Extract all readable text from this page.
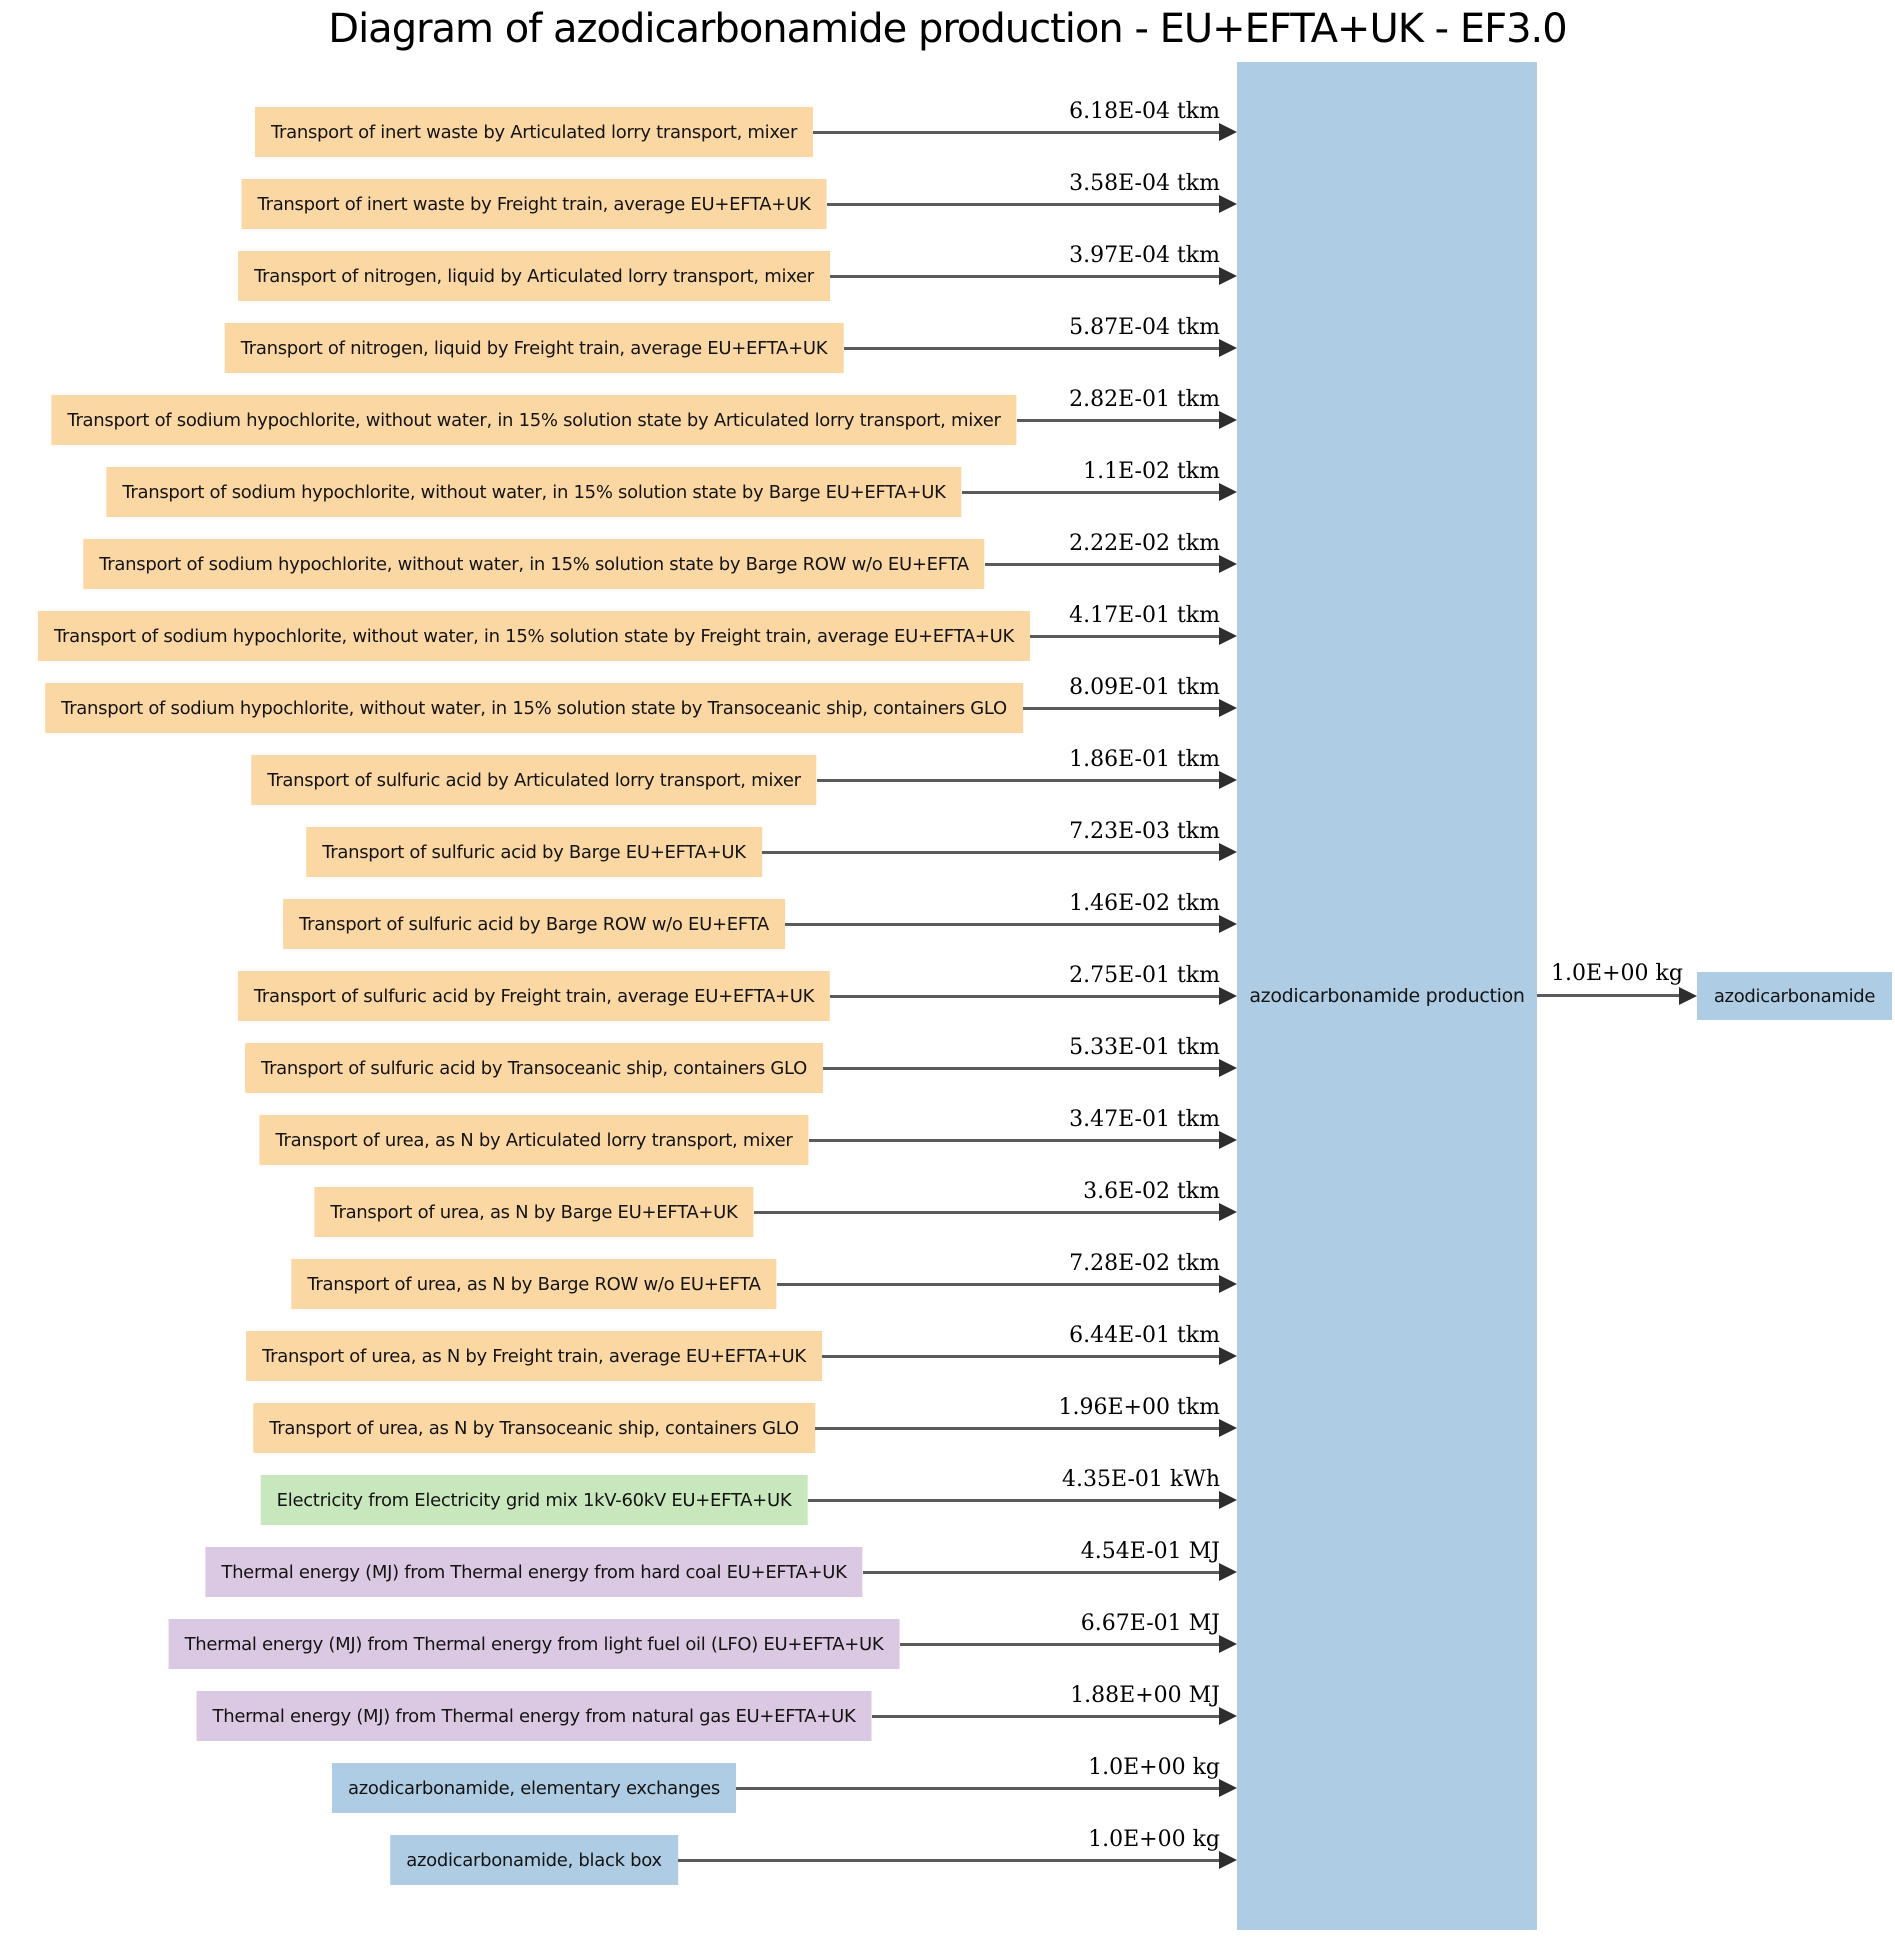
Diagram of azodicarbonamide production - EU+EFTA+UK - EF3.0
Transport of inert waste by Articulated lorry transport, mixer
6.18E-04 tkm
Transport of inert waste by Freight train, average EU+EFTA+UK
3.58E-04 tkm
Transport of nitrogen, liquid by Articulated lorry transport, mixer
3.97E-04 tkm
Transport of nitrogen, liquid by Freight train, average EU+EFTA+UK
5.87E-04 tkm
Transport of sodium hypochlorite, without water, in 15% solution state by Articulated lorry transport, mixer
2.82E-01 tkm
Transport of sodium hypochlorite, without water, in 15% solution state by Barge EU+EFTA+UK
1.1E-02 tkm
Transport of sodium hypochlorite, without water, in 15% solution state by Barge ROW w/o EU+EFTA
2.22E-02 tkm
Transport of sodium hypochlorite, without water, in 15% solution state by Freight train, average EU+EFTA+UK
4.17E-01 tkm
Transport of sodium hypochlorite, without water, in 15% solution state by Transoceanic ship, containers GLO
8.09E-01 tkm
Transport of sulfuric acid by Articulated lorry transport, mixer
1.86E-01 tkm
Transport of sulfuric acid by Barge EU+EFTA+UK
7.23E-03 tkm
Transport of sulfuric acid by Barge ROW w/o EU+EFTA
1.46E-02 tkm
Transport of sulfuric acid by Freight train, average EU+EFTA+UK
2.75E-01 tkm
Transport of sulfuric acid by Transoceanic ship, containers GLO
5.33E-01 tkm
Transport of urea, as N by Articulated lorry transport, mixer
3.47E-01 tkm
Transport of urea, as N by Barge EU+EFTA+UK
3.6E-02 tkm
Transport of urea, as N by Barge ROW w/o EU+EFTA
7.28E-02 tkm
Transport of urea, as N by Freight train, average EU+EFTA+UK
6.44E-01 tkm
Transport of urea, as N by Transoceanic ship, containers GLO
1.96E+00 tkm
Electricity from Electricity grid mix 1kV-60kV EU+EFTA+UK
4.35E-01 kWh
Thermal energy (MJ) from Thermal energy from hard coal EU+EFTA+UK
4.54E-01 MJ
Thermal energy (MJ) from Thermal energy from light fuel oil (LFO) EU+EFTA+UK
6.67E-01 MJ
Thermal energy (MJ) from Thermal energy from natural gas EU+EFTA+UK
1.88E+00 MJ
azodicarbonamide, elementary exchanges
1.0E+00 kg
azodicarbonamide, black box
1.0E+00 kg
azodicarbonamide production
1.0E+00 kg
azodicarbonamide
